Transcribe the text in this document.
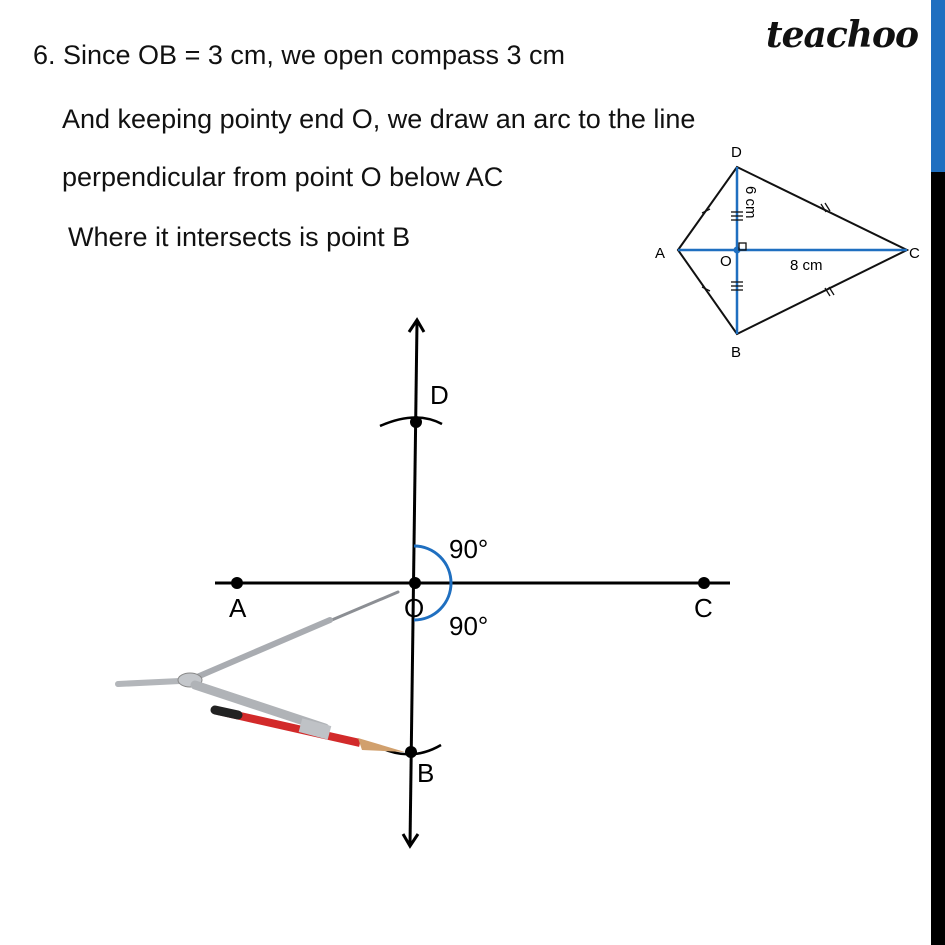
6. Since OB = 3 cm, we open compass 3 cm
And keeping pointy end O, we draw an arc to the line
perpendicular from point O below AC
Where it intersects is point B
teachoo
D
A	C
O
B
8 cm
6 cm
A	O	C
D
B
90°
90°
